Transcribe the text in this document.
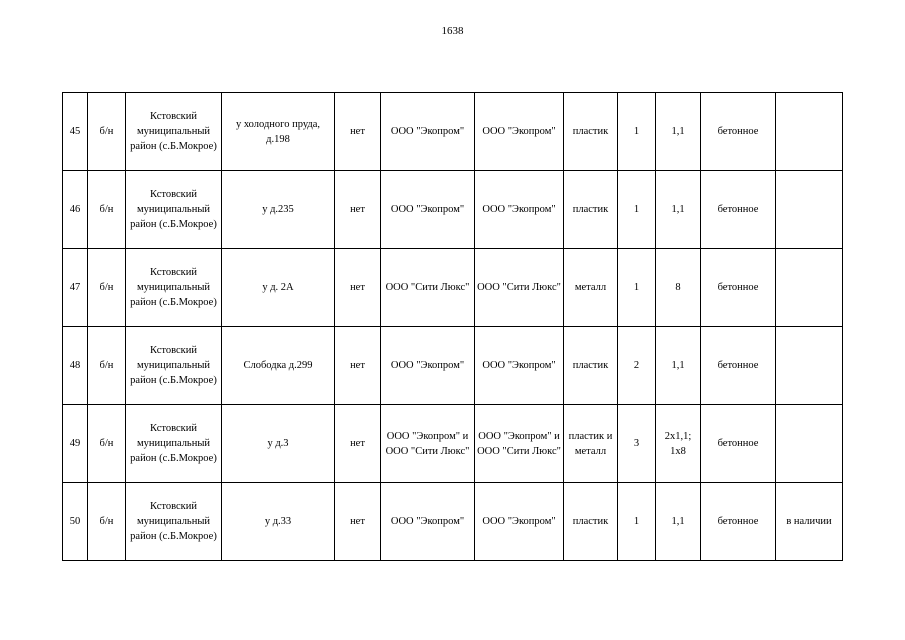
1638
45	б/н	Кстовский муниципальный район (с.Б.Мокрое)	у холодного пруда, д.198	нет	ООО "Экопром"	ООО "Экопром"	пластик	1	1,1	бетонное	
46	б/н	Кстовский муниципальный район (с.Б.Мокрое)	у д.235	нет	ООО "Экопром"	ООО "Экопром"	пластик	1	1,1	бетонное	
47	б/н	Кстовский муниципальный район (с.Б.Мокрое)	у д. 2А	нет	ООО "Сити Люкс"	ООО "Сити Люкс"	металл	1	8	бетонное	
48	б/н	Кстовский муниципальный район (с.Б.Мокрое)	Слободка д.299	нет	ООО "Экопром"	ООО "Экопром"	пластик	2	1,1	бетонное	
49	б/н	Кстовский муниципальный район (с.Б.Мокрое)	у д.3	нет	ООО "Экопром" и ООО "Сити Люкс"	ООО "Экопром" и ООО "Сити Люкс"	пластик и металл	3	2х1,1; 1х8	бетонное	
50	б/н	Кстовский муниципальный район (с.Б.Мокрое)	у д.33	нет	ООО "Экопром"	ООО "Экопром"	пластик	1	1,1	бетонное	в наличии
